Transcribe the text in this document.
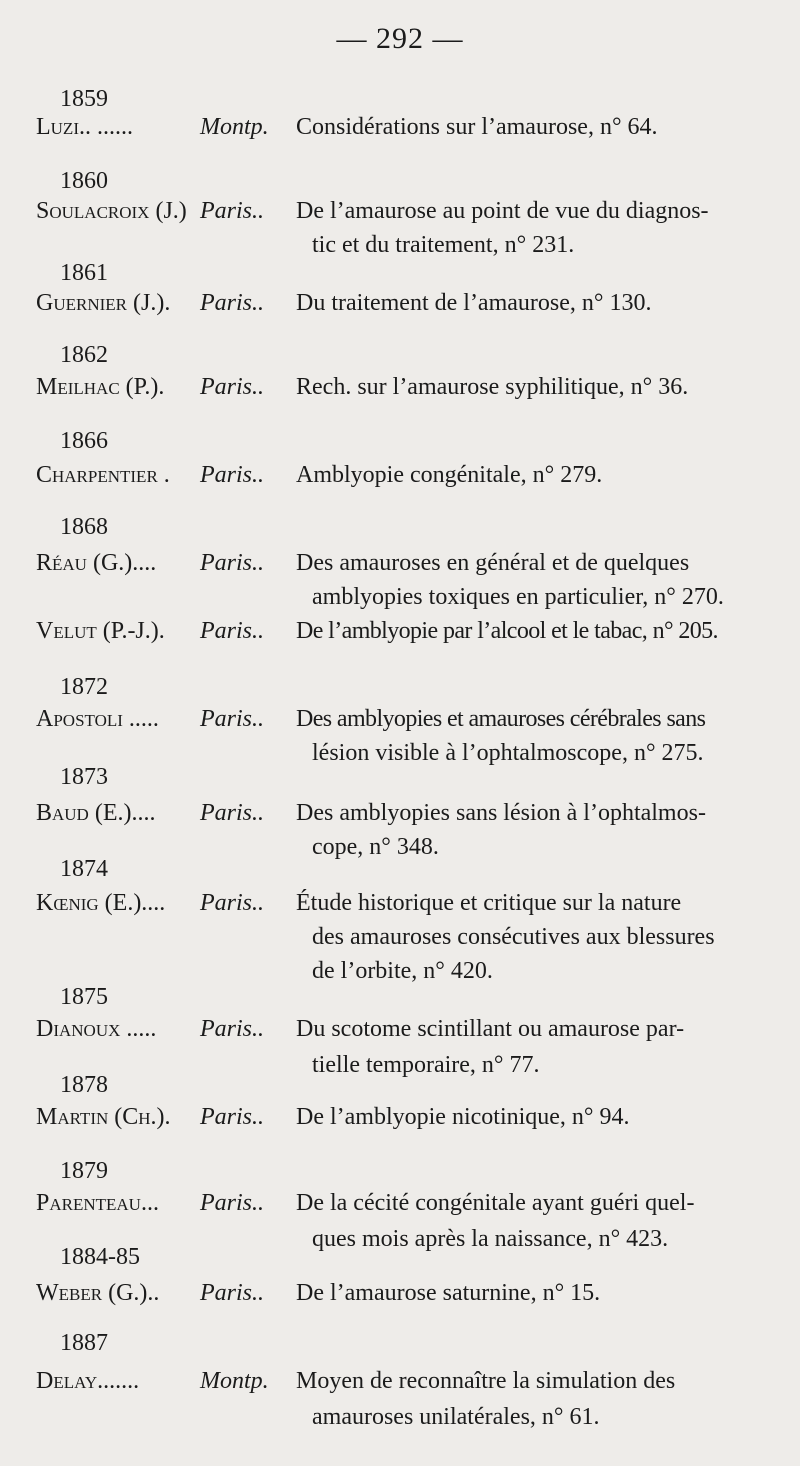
— 292 —
1859
Luzi.. ......	Montp. Considérations sur l’amaurose, n° 64.
1860
Soulacroix (J.) Paris.. De l’amaurose au point de vue du diagnos-
tic et du traitement, n° 231.
1861
Guernier (J.). Paris.. Du traitement de l’amaurose, n° 130.
1862
Meilhac (P.). Paris.. Rech. sur l’amaurose syphilitique, n° 36.
1866
Charpentier . Paris.. Amblyopie congénitale, n° 279.
1868
Réau (G.).... Paris.. Des amauroses en général et de quelques
amblyopies toxiques en particulier, n° 270.
Velut (P.-J.). Paris.. De l’amblyopie par l’alcool et le tabac, n° 205.
1872
Apostoli ..... Paris.. Des amblyopies et amauroses cérébrales sans
lésion visible à l’ophtalmoscope, n° 275.
1873
Baud (E.).... Paris.. Des amblyopies sans lésion à l’ophtalmos-
cope, n° 348.
1874
Kœnig (E.).... Paris.. Étude historique et critique sur la nature
des amauroses consécutives aux blessures
de l’orbite, n° 420.
1875
Dianoux ..... Paris.. Du scotome scintillant ou amaurose par-
tielle temporaire, n° 77.
1878
Martin (Ch.). Paris.. De l’amblyopie nicotinique, n° 94.
1879
Parenteau... Paris.. De la cécité congénitale ayant guéri quel-
ques mois après la naissance, n° 423.
1884-85
Weber (G.).. Paris.. De l’amaurose saturnine, n° 15.
1887
Delay.......	Montp. Moyen de reconnaître la simulation des
amauroses unilatérales, n° 61.
